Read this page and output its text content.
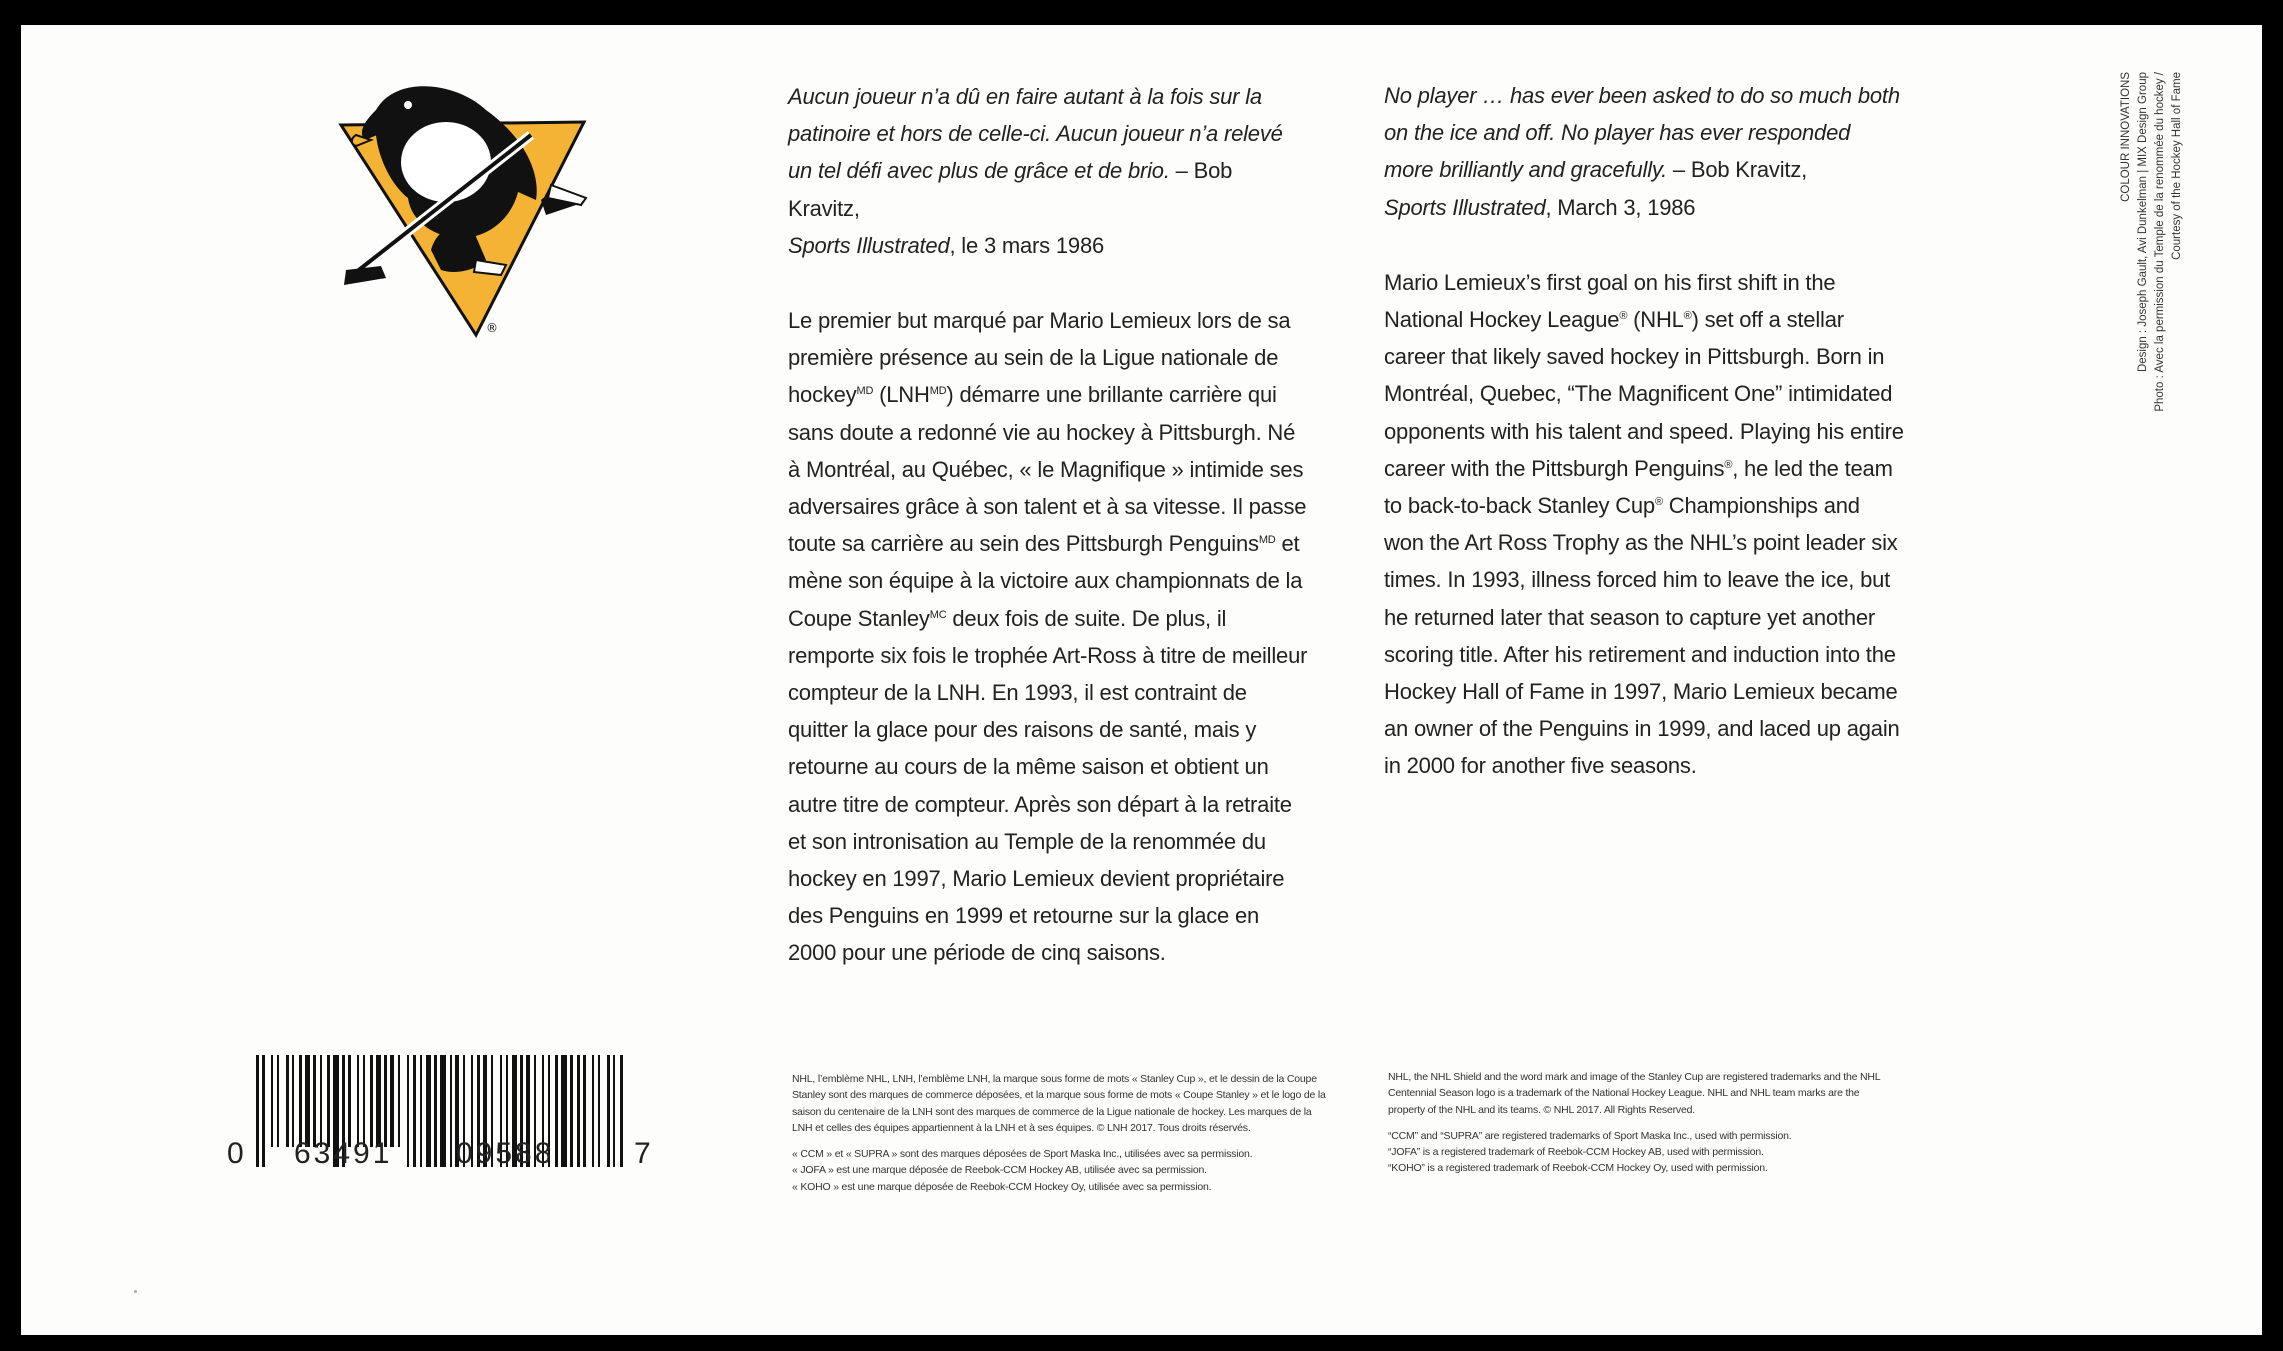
®
Aucun joueur n’a dû en faire autant à la fois sur la patinoire et hors de celle-ci. Aucun joueur n’a relevé un tel défi avec plus de grâce et de brio. – Bob Kravitz,
Sports Illustrated, le 3 mars 1986
Le premier but marqué par Mario Lemieux lors de sa première présence au sein de la Ligue nationale de hockey$^{MD}$ $(LNH^{MD})$ démarre une brillante carrière qui sans doute a redonné vie au hockey à Pittsburgh. Né à Montréal, au Québec, « le Magnifique » intimide ses adversaires grâce à son talent et à sa vitesse. Il passe toute sa carrière au sein des Pittsburgh Penguins$^{MD}$ et mène son équipe à la victoire aux championnats de la Coupe Stanley$^{MC}$ deux fois de suite. De plus, il remporte six fois le trophée Art-Ross à titre de meilleur compteur de la LNH. En 1993, il est contraint de quitter la glace pour des raisons de santé, mais y retourne au cours de la même saison et obtient un autre titre de compteur. Après son départ à la retraite et son intronisation au Temple de la renommée du hockey en 1997, Mario Lemieux devient propriétaire des Penguins en 1999 et retourne sur la glace en 2000 pour une période de cinq saisons.
No player … has ever been asked to do so much both on the ice and off. No player has ever responded more brilliantly and gracefully. – Bob Kravitz,
Sports Illustrated, March 3, 1986
Mario Lemieux’s first goal on his first shift in the National Hockey League® (NHL®) set off a stellar career that likely saved hockey in Pittsburgh. Born in Montréal, Quebec, “The Magnificent One” intimidated opponents with his talent and speed. Playing his entire career with the Pittsburgh Penguins®, he led the team to back-to-back Stanley Cup® Championships and won the Art Ross Trophy as the NHL’s point leader six times. In 1993, illness forced him to leave the ice, but he returned later that season to capture yet another scoring title. After his retirement and induction into the Hockey Hall of Fame in 1997, Mario Lemieux became an owner of the Penguins in 1999, and laced up again in 2000 for another five seasons.
COLOUR INNOVATIONS Design : Joseph Gault, Avi Dunkelman | MIX Design Group Photo : Avec la permission du Temple de la renommée du hockey / Courtesy of the Hockey Hall of Fame
0 63491 09588	7

NHL, l’emblème NHL, LNH, l’emblème LNH, la marque sous forme de mots « Stanley Cup », et le dessin de la Coupe Stanley sont des marques de commerce déposées, et la marque sous forme de mots « Coupe Stanley » et le logo de la saison du centenaire de la LNH sont des marques de commerce de la Ligue nationale de hockey. Les marques de la LNH et celles des équipes appartiennent à la LNH et à ses équipes. © LNH 2017. Tous droits réservés.

« CCM » et « SUPRA » sont des marques déposées de Sport Maska Inc., utilisées avec sa permission.

« JOFA » est une marque déposée de Reebok-CCM Hockey AB, utilisée avec sa permission.

« KOHO » est une marque déposée de Reebok-CCM Hockey Oy, utilisée avec sa permission.

NHL, the NHL Shield and the word mark and image of the Stanley Cup are registered trademarks and the NHL Centennial Season logo is a trademark of the National Hockey League. NHL and NHL team marks are the property of the NHL and its teams. © NHL 2017. All Rights Reserved.

“CCM” and “SUPRA” are registered trademarks of Sport Maska Inc., used with permission.

“JOFA” is a registered trademark of Reebok-CCM Hockey AB, used with permission.

“KOHO” is a registered trademark of Reebok-CCM Hockey Oy, used with permission.
